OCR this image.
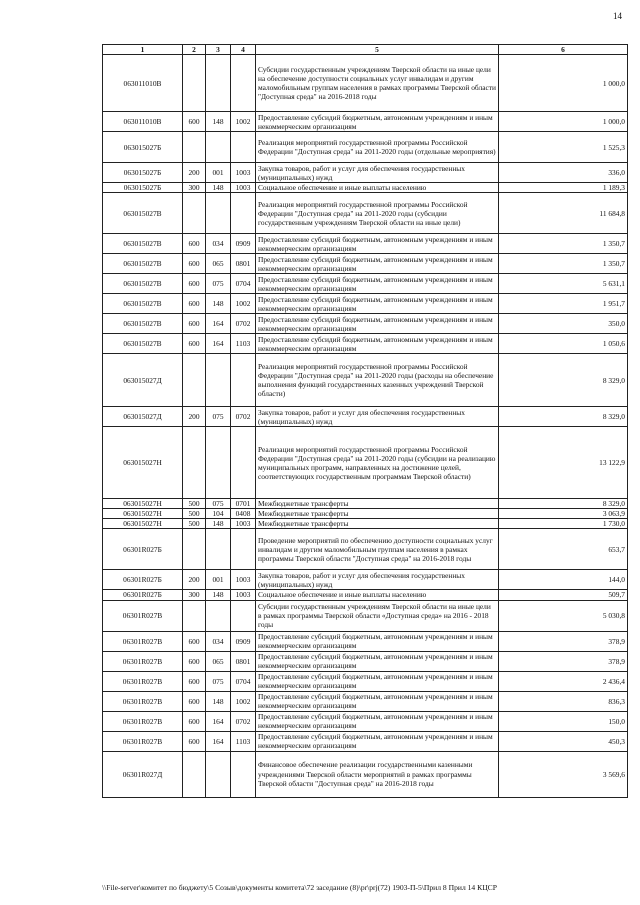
14
1	2	3	4	5	6
063011010В				Субсидии государственным учреждениям Тверской области на иные цели на обеспечение доступности социальных услуг инвалидам и другим маломобильным группам населения в рамках программы Тверской области "Доступная среда" на 2016-2018 годы	1 000,0
063011010В	600	148	1002	Предоставление субсидий бюджетным, автономным учреждениям и иным некоммерческим организациям	1 000,0
063015027Б				Реализация мероприятий государственной программы Российской Федерации "Доступная среда" на 2011-2020 годы (отдельные мероприятия)	1 525,3
063015027Б	200	001	1003	Закупка товаров, работ и услуг для обеспечения государственных (муниципальных) нужд	336,0
063015027Б	300	148	1003	Социальное обеспечение и иные выплаты населению	1 189,3
063015027В				Реализация мероприятий государственной программы Российской Федерации "Доступная среда" на 2011-2020 годы (субсидии государственным учреждениям Тверской области на иные цели)	11 684,8
063015027В	600	034	0909	Предоставление субсидий бюджетным, автономным учреждениям и иным некоммерческим организациям	1 350,7
063015027В	600	065	0801	Предоставление субсидий бюджетным, автономным учреждениям и иным некоммерческим организациям	1 350,7
063015027В	600	075	0704	Предоставление субсидий бюджетным, автономным учреждениям и иным некоммерческим организациям	5 631,1
063015027В	600	148	1002	Предоставление субсидий бюджетным, автономным учреждениям и иным некоммерческим организациям	1 951,7
063015027В	600	164	0702	Предоставление субсидий бюджетным, автономным учреждениям и иным некоммерческим организациям	350,0
063015027В	600	164	1103	Предоставление субсидий бюджетным, автономным учреждениям и иным некоммерческим организациям	1 050,6
063015027Д				Реализация мероприятий государственной программы Российской Федерации "Доступная среда" на 2011-2020 годы (расходы на обеспечение выполнения функций государственных казенных учреждений Тверской области)	8 329,0
063015027Д	200	075	0702	Закупка товаров, работ и услуг для обеспечения государственных (муниципальных) нужд	8 329,0
063015027Н				Реализация мероприятий государственной программы Российской Федерации "Доступная среда" на 2011-2020 годы (субсидии на реализацию муниципальных программ, направленных на достижение целей, соответствующих государственным программам Тверской области)	13 122,9
063015027Н	500	075	0701	Межбюджетные трансферты	8 329,0
063015027Н	500	104	0408	Межбюджетные трансферты	3 063,9
063015027Н	500	148	1003	Межбюджетные трансферты	1 730,0
06301R027Б				Проведение мероприятий по обеспечению доступности социальных услуг инвалидам и другим маломобильным группам населения в рамках программы Тверской области "Доступная среда" на 2016-2018 годы	653,7
06301R027Б	200	001	1003	Закупка товаров, работ и услуг для обеспечения государственных (муниципальных) нужд	144,0
06301R027Б	300	148	1003	Социальное обеспечение и иные выплаты населению	509,7
06301R027В				Субсидии государственным учреждениям Тверской области на иные цели в рамках программы Тверской области «Доступная среда» на 2016 - 2018 годы	5 030,8
06301R027В	600	034	0909	Предоставление субсидий бюджетным, автономным учреждениям и иным некоммерческим организациям	378,9
06301R027В	600	065	0801	Предоставление субсидий бюджетным, автономным учреждениям и иным некоммерческим организациям	378,9
06301R027В	600	075	0704	Предоставление субсидий бюджетным, автономным учреждениям и иным некоммерческим организациям	2 436,4
06301R027В	600	148	1002	Предоставление субсидий бюджетным, автономным учреждениям и иным некоммерческим организациям	836,3
06301R027В	600	164	0702	Предоставление субсидий бюджетным, автономным учреждениям и иным некоммерческим организациям	150,0
06301R027В	600	164	1103	Предоставление субсидий бюджетным, автономным учреждениям и иным некоммерческим организациям	450,3
06301R027Д				Финансовое обеспечение реализации государственными казенными учреждениями Тверской области мероприятий в рамках программы Тверской области "Доступная среда" на 2016-2018 годы	3 569,6
\\File-server\комитет по бюджету\5 Созыв\документы комитета\72 заседание (8)\pr\prj(72) 1903-П-5\Прил 8 Прил 14 КЦСР
